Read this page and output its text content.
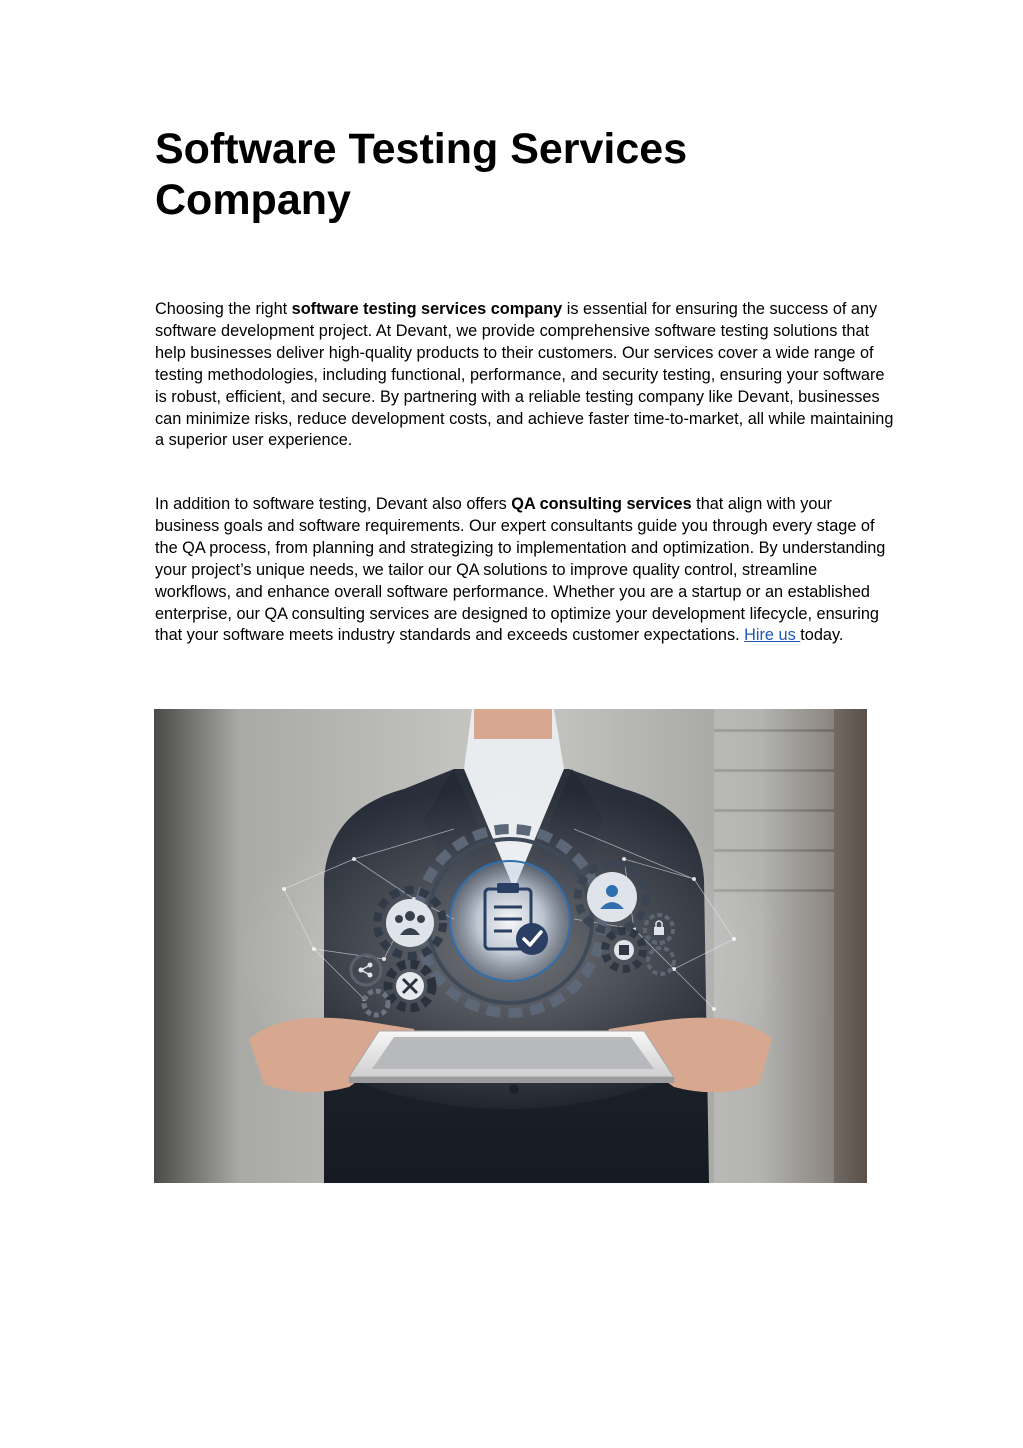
Software Testing Services Company

Choosing the right software testing services company is essential for ensuring the success of any software development project. At Devant, we provide comprehensive software testing solutions that help businesses deliver high-quality products to their customers. Our services cover a wide range of testing methodologies, including functional, performance, and security testing, ensuring your software is robust, efficient, and secure. By partnering with a reliable testing company like Devant, businesses can minimize risks, reduce development costs, and achieve faster time-to-market, all while maintaining a superior user experience.

In addition to software testing, Devant also offers QA consulting services that align with your business goals and software requirements. Our expert consultants guide you through every stage of the QA process, from planning and strategizing to implementation and optimization. By understanding your project’s unique needs, we tailor our QA solutions to improve quality control, streamline workflows, and enhance overall software performance. Whether you are a startup or an established enterprise, our QA consulting services are designed to optimize your development lifecycle, ensuring that your software meets industry standards and exceeds customer expectations. Hire us today.
